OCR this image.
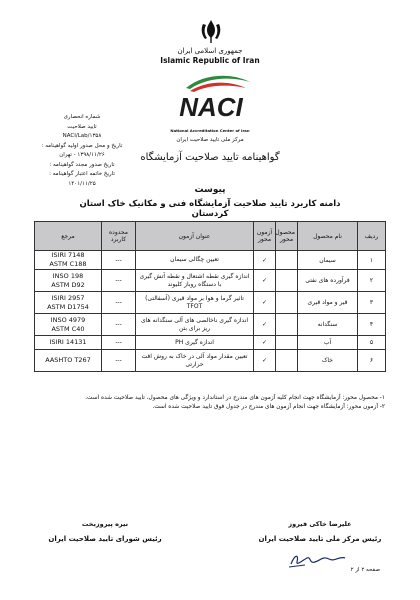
جمهوری اسلامی ایران
Islamic Republic of Iran
NACI
National Accreditation Center of Iran
مرکز ملی تایید صلاحیت ایران
شماره انحصاری
تایید صلاحیت
NACI/Lab/۱۳۵۸
تاریخ و محل صدور اولیه گواهینامه :
۱۳۹۸/۱۱/۲۶ - تهران
تاریخ صدور مجدد گواهینامه :
تاریخ خاتمه اعتبار گواهینامه :
۱۴۰۱/۱۱/۲۵
گواهینامه تایید صلاحیت آزمایشگاه
پیوست
دامنه کاربرد تایید صلاحیت آزمایشگاه فنی و مکانیک خاک استان کردستان
ردیف	نام محصول	محصول محور	آزمون محور	عنوان آزمون	محدوده کاربرد	مرجع
۱	سیمان		✓	تعیین چگالی سیمان	---	ISIRI 7148
ASTM C188
۲	فرآورده های نفتی		✓	اندازه گیری نقطه اشتعال و نقطه آتش گیری با دستگاه روباز کلیوند	---	INSO 198
ASTM D92
۳	قیر و مواد قیری		✓	تاثیر گرما و هوا بر مواد قیری (آسفالتی) TFOT	---	ISIRI 2957
ASTM D1754
۴	سنگدانه		✓	اندازه گیری ناخالصی های آلی سنگدانه های ریز برای بتن	---	INSO 4979
ASTM C40
۵	آب		✓	اندازه گیری PH	---	ISIRI 14131
۶	خاک		✓	تعیین مقدار مواد آلی در خاک به روش افت حرارتی	---	AASHTO T267
۱- محصول محور: آزمایشگاه جهت انجام کلیه آزمون های مندرج در استاندارد و ویژگی های محصول، تایید صلاحیت شده است.
۲- آزمون محور: آزمایشگاه جهت انجام آزمون های مندرج در جدول فوق تایید صلاحیت شده است.
نیره پیروزبخت
رئیس شورای تایید صلاحیت ایران
علیرضا خاکی فیروز
رئیس مرکز ملی تایید صلاحیت ایران
صفحه ۲ از ۲
